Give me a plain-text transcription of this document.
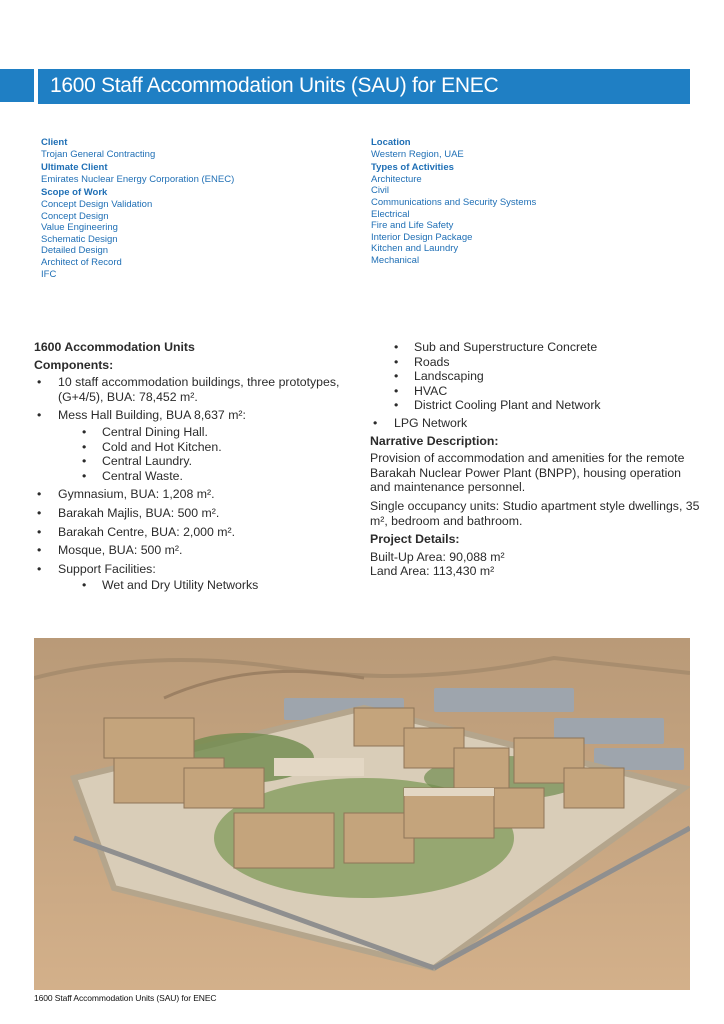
1600 Staff Accommodation Units (SAU) for ENEC
Client
Trojan General Contracting
Ultimate Client
Emirates Nuclear Energy Corporation (ENEC)
Scope of Work
Concept Design Validation
Concept Design
Value Engineering
Schematic Design
Detailed Design
Architect of Record
IFC
Location
Western Region, UAE
Types of Activities
Architecture
Civil
Communications and Security Systems
Electrical
Fire and Life Safety
Interior Design Package
Kitchen and Laundry
Mechanical
1600 Accommodation Units
Components:
• 10 staff accommodation buildings, three prototypes, (G+4/5), BUA: 78,452 m².
• Mess Hall Building, BUA 8,637 m²:
• Central Dining Hall.
• Cold and Hot Kitchen.
• Central Laundry.
• Central Waste.
• Gymnasium, BUA: 1,208 m².
• Barakah Majlis, BUA: 500 m².
• Barakah Centre, BUA: 2,000 m².
• Mosque, BUA: 500 m².
• Support Facilities:
• Wet and Dry Utility Networks
• Sub and Superstructure Concrete
• Roads
• Landscaping
• HVAC
• District Cooling Plant and Network
• LPG Network
Narrative Description:

Provision of accommodation and amenities for the remote Barakah Nuclear Power Plant (BNPP), housing operation and maintenance personnel.

Single occupancy units: Studio apartment style dwellings, 35 m², bedroom and bathroom.

Project Details:
Built-Up Area: 90,088 m²
Land Area: 113,430 m²
1600 Staff Accommodation Units (SAU) for ENEC
